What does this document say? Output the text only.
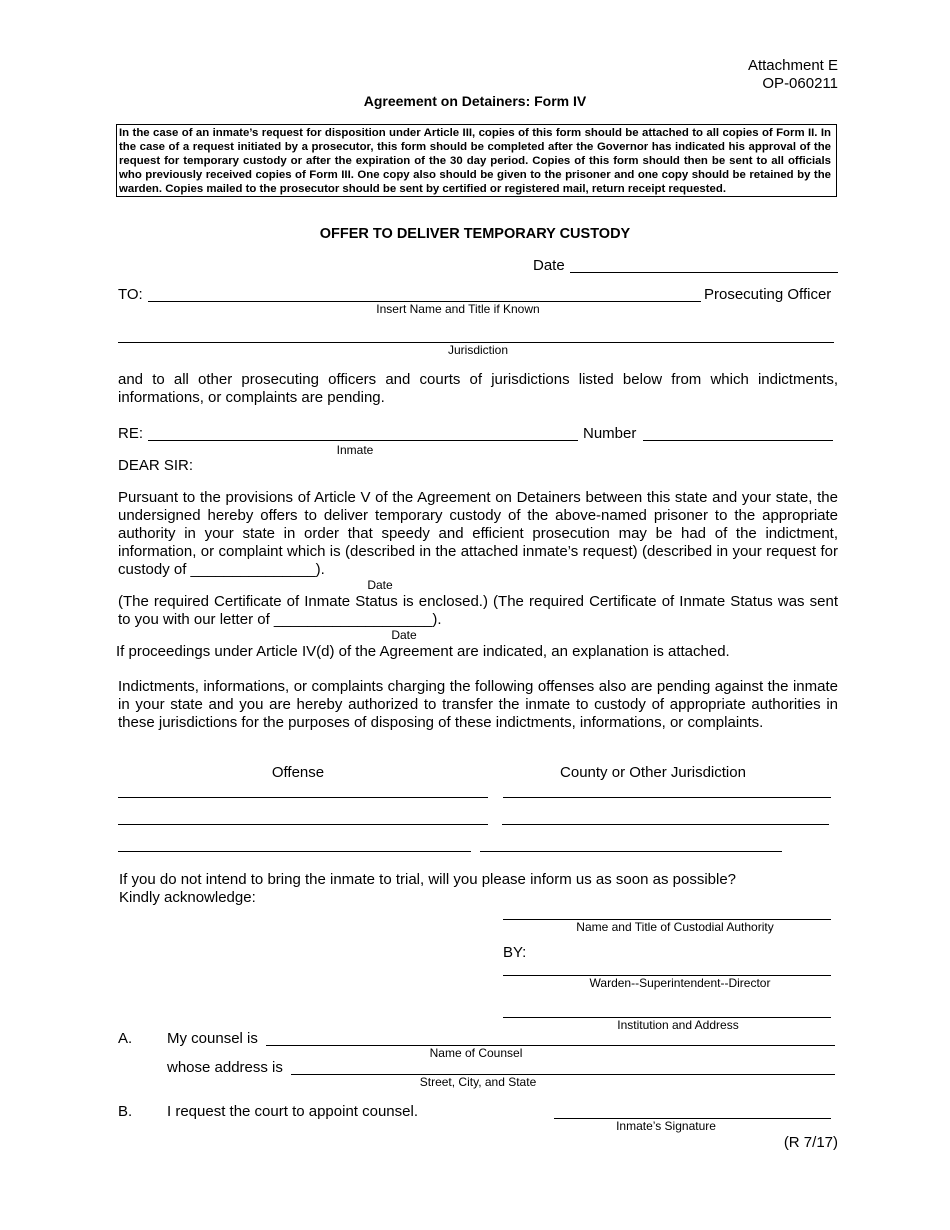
Attachment E
OP-060211
Agreement on Detainers: Form IV
In the case of an inmate’s request for disposition under Article III, copies of this form should be attached to all copies of Form II. In the case of a request initiated by a prosecutor, this form should be completed after the Governor has indicated his approval of the request for temporary custody or after the expiration of the 30 day period. Copies of this form should then be sent to all officials who previously received copies of Form III. One copy also should be given to the prisoner and one copy should be retained by the warden. Copies mailed to the prosecutor should be sent by certified or registered mail, return receipt requested.
OFFER TO DELIVER TEMPORARY CUSTODY
Date
TO:	Prosecuting Officer
Insert Name and Title if Known
Jurisdiction
and to all other prosecuting officers and courts of jurisdictions listed below from which indictments, informations, or complaints are pending.
RE:	Number
Inmate
DEAR SIR:
Pursuant to the provisions of Article V of the Agreement on Detainers between this state and your state, the undersigned hereby offers to deliver temporary custody of the above-named prisoner to the appropriate authority in your state in order that speedy and efficient prosecution may be had of the indictment, information, or complaint which is (described in the attached inmate’s request) (described in your request for custody of _______________).
Date
(The required Certificate of Inmate Status is enclosed.) (The required Certificate of Inmate Status was sent to you with our letter of ___________________).
Date
If proceedings under Article IV(d) of the Agreement are indicated, an explanation is attached.
Indictments, informations, or complaints charging the following offenses also are pending against the inmate in your state and you are hereby authorized to transfer the inmate to custody of appropriate authorities in these jurisdictions for the purposes of disposing of these indictments, informations, or complaints.
Offense	County or Other Jurisdiction
If you do not intend to bring the inmate to trial, will you please inform us as soon as possible?
Kindly acknowledge:
Name and Title of Custodial Authority
BY:
Warden--Superintendent--Director
Institution and Address
A. My counsel is
Name of Counsel
whose address is
Street, City, and State
B. I request the court to appoint counsel.
Inmate’s Signature
(R 7/17)
